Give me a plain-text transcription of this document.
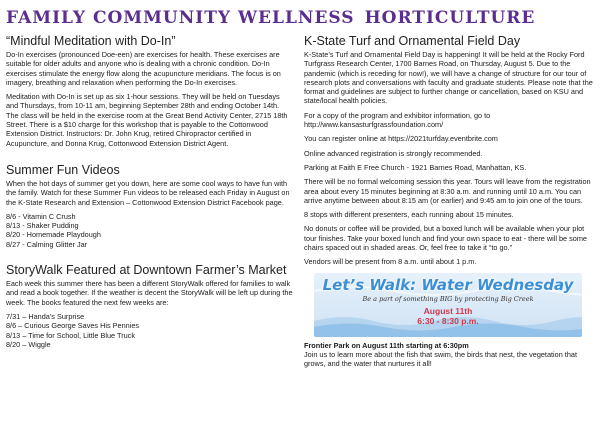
FAMILY COMMUNITY WELLNESS
“Mindful Meditation with Do-In”

Do-In exercises (pronounced Doe-een) are exercises for health. These exercises are suitable for older adults and anyone who is dealing with a chronic condition. Do-In exercises stimulate the energy flow along the acupuncture meridians. The focus is on imagery, breathing and relaxation when performing the Do-In exercises.

Meditation with Do-In is set up as six 1-hour sessions. They will be held on Tuesdays and Thursdays, from 10-11 am, beginning September 28th and ending October 14th. The class will be held in the exercise room at the Great Bend Activity Center, 2715 18th Street. There is a $10 charge for this workshop that is payable to the Cottonwood Extension District. Instructors: Dr. John Krug, retired Chiropractor certified in Acupuncture, and Donna Krug, Cottonwood Extension District Agent.

Summer Fun Videos

When the hot days of summer get you down, here are some cool ways to have fun with the family. Watch for these Summer Fun videos to be released each Friday in August on the K-State Research and Extension – Cottonwood Extension District Facebook page.

8/6 - Vitamin C Crush
8/13 - Shaker Pudding
8/20 - Homemade Playdough
8/27 - Calming Glitter Jar
StoryWalk Featured at Downtown Farmer’s Market

Each week this summer there has been a different StoryWalk offered for families to walk and read a book together. If the weather is decent the StoryWalk will be left up during the week. The books featured the next few weeks are:

7/31 – Handa’s Surprise
8/6 – Curious George Saves His Pennies
8/13 – Time for School, Little Blue Truck
8/20 – Wiggle
HORTICULTURE
K-State Turf and Ornamental Field Day

K-State’s Turf and Ornamental Field Day is happening! It will be held at the Rocky Ford Turfgrass Research Center, 1700 Barnes Road, on Thursday, August 5. Due to the pandemic (which is receding for now!), we will have a change of structure for our tour of research plots and conversations with faculty and graduate students. Please note that the format and guidelines are subject to further change or cancellation, based on KSU and state/local health policies.

For a copy of the program and exhibitor information, go to http://www.kansasturfgrassfoundation.com/

You can register online at https://2021turfday.eventbrite.com

Online advanced registration is strongly recommended.

Parking at Faith E Free Church - 1921 Barnes Road, Manhattan, KS.

There will be no formal welcoming session this year. Tours will leave from the registration area about every 15 minutes beginning at 8:30 a.m. and running until 10 a.m. You can arrive anytime between about 8:15 am (or earlier) and 9:45 am to join one of the tours.

8 stops with different presenters, each running about 15 minutes.

No donuts or coffee will be provided, but a boxed lunch will be available when your plot tour finishes. Take your boxed lunch and find your own space to eat - there will be some chairs spaced out in shaded areas. Or, feel free to take it “to go.”

Vendors will be present from 8 a.m. until about 1 p.m.

Let’s Walk: Water Wednesday
Be a part of something BIG by protecting Big Creek
August 11th
6:30 - 8:30 p.m.

Frontier Park on August 11th starting at 6:30pm

Join us to learn more about the fish that swim, the birds that nest, the vegetation that grows, and the water that nurtures it all!
